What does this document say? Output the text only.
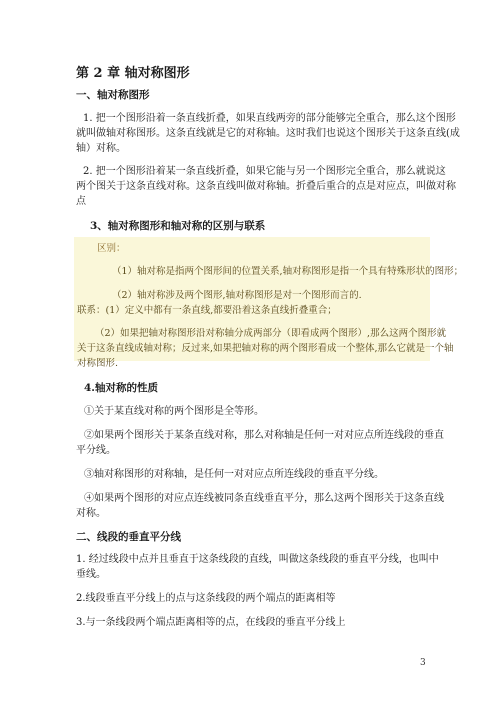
第 2 章 轴对称图形
一、轴对称图形
1. 把一个图形沿着一条直线折叠，如果直线两旁的部分能够完全重合，那么这个图形
就叫做轴对称图形。这条直线就是它的对称轴。这时我们也说这个图形关于这条直线(成
轴）对称。
2. 把一个图形沿着某一条直线折叠，如果它能与另一个图形完全重合，那么就说这
两个图关于这条直线对称。这条直线叫做对称轴。折叠后重合的点是对应点，叫做对称
点
3、轴对称图形和轴对称的区别与联系
区别：
（1）轴对称是指两个图形间的位置关系,轴对称图形是指一个具有特殊形状的图形；
（2）轴对称涉及两个图形,轴对称图形是对一个图形而言的.
联系：(1）定义中都有一条直线,都要沿着这条直线折叠重合；
（2）如果把轴对称图形沿对称轴分成两部分（即看成两个图形）,那么这两个图形就
关于这条直线成轴对称；反过来,如果把轴对称的两个图形看成一个整体,那么它就是一个轴
对称图形.
4.轴对称的性质
①关于某直线对称的两个图形是全等形。
②如果两个图形关于某条直线对称，那么对称轴是任何一对对应点所连线段的垂直
平分线。
③轴对称图形的对称轴，是任何一对对应点所连线段的垂直平分线。
④如果两个图形的对应点连线被同条直线垂直平分，那么这两个图形关于这条直线
对称。
二、线段的垂直平分线
1. 经过线段中点并且垂直于这条线段的直线，叫做这条线段的垂直平分线，也叫中
垂线。
2.线段垂直平分线上的点与这条线段的两个端点的距离相等
3.与一条线段两个端点距离相等的点，在线段的垂直平分线上
3
